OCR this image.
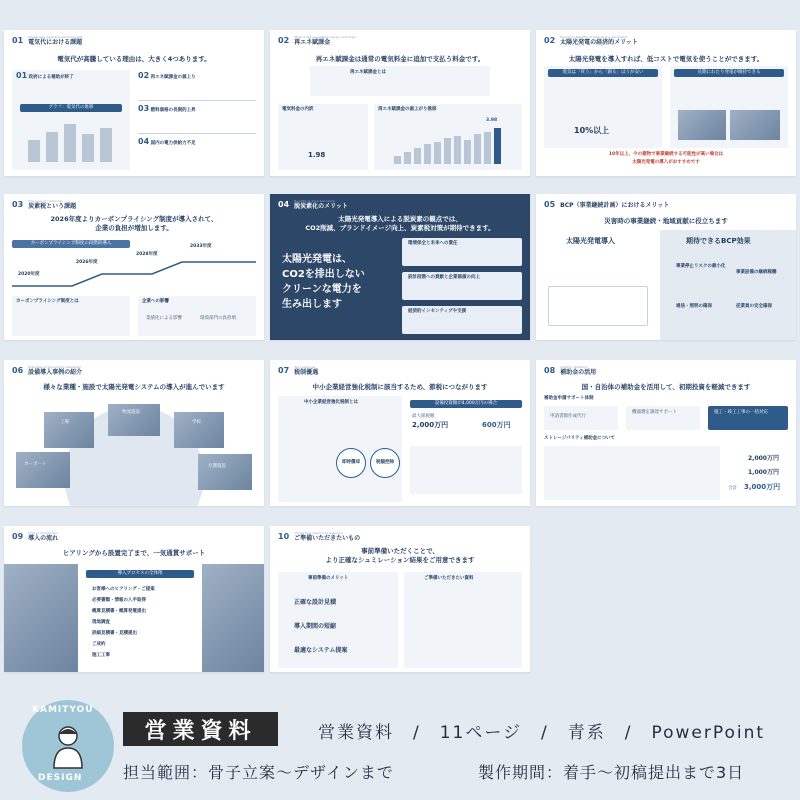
01 Challenges regarding electricity bills
電気代における課題
電気代が高騰している理由は、大きく4つあります。
01 政府による補助が終了
グラフ：電気代の推移
02 再エネ賦課金の値上り
03 燃料価格の長期的上昇
04 国内の電力供給力不足
02 What is the renewable energy surcharge?
再エネ賦課金
再エネ賦課金は通常の電気料金に追加で支払う料金です。
再エネ賦課金とは
電気料金の内訳
1.98
再エネ賦課金の値上がり推移
3.98
02 Economic Benefits of Solar Power Generation
太陽光発電の経済的メリット
太陽光発電を導入すれば、低コストで電気を使うことができます。
電気は「買う」から「創る」ほうが安い
10%以上
長期にわたり発電が維持できる
10年以上、今の建物で事業継続する可能性が高い場合は
太陽光発電の導入がおすすめです
03 The issue of carbon tax
炭素税という課題
2026年度よりカーボンプライシング制度が導入されて、
企業の負担が増加します。
カーボンプライシング制度の段階的導入
2020年度
2026年度
2028年度
2033年度
カーボンプライシング制度とは	企業への影響
業績化による影響	環境部門の負担増
04 Benefits of decarbonization
脱炭素化のメリット
太陽光発電導入による脱炭素の観点では、
CO2削減、ブランドイメージ向上、炭素税対策が期待できます。
太陽光発電は、
CO2を排出しない
クリーンな電力を
生み出します
環境保全と未来への責任
設計段階への貢献と企業価値の向上
経済的インセンティブや支援
05 BCP（事業継続計画）におけるメリット
災害時の事業継続・地域貢献に役立ちます
太陽光発電導入	期待できるBCP効果
事業停止リスクの最小化
事業設備の継続稼働
通信・照明の確保	従業員の安全確保
06 Examples of equipment installation
設備導入事例の紹介
様々な業種・施設で太陽光発電システムの導入が進んでいます
工場
物流施設
学校
カーポート	介護施設
07 Tax incentives
税制優遇
中小企業経営強化税制に該当するため、節税につながります
中小企業経営強化税制とは
即時償却	税額控除
設備投資額が4,000万円の場合
最大節税額
2,000万円	600万円
08 Subsidy utilization
補助金の活用
国・自治体の補助金を活用して、初期投資を軽減できます
補助金申請サポート体制
申請書類作成代行
機器選定調達サポート	施工・竣工工事の一括対応
ストレージパリティ補助金について
2,000万円
1,000万円
合計 3,000万円
09 Flow of introduction
導入の流れ
ヒアリングから設置完了まで、一気通貫サポート
導入プロセスの全体像
お客様へのヒアリング・ご提案
必要書類・情報の入手取得
概算見積書・概算発電提出
現地調査
詳細見積書・見積提出
ご成約
施工工事
10 Things that need to be prepared
ご準備いただきたいもの
事前準備いただくことで、
より正確なシュミレーション結果をご用意できます
事前準備のメリット
正確な設計見積
導入期間の短縮
最適なシステム提案
ご準備いただきたい資料
KAMITYOU
DESIGN
営業資料	営業資料　/　11ページ　/　青系　/　PowerPoint
担当範囲：骨子立案〜デザインまで	製作期間：着手〜初稿提出まで3日
